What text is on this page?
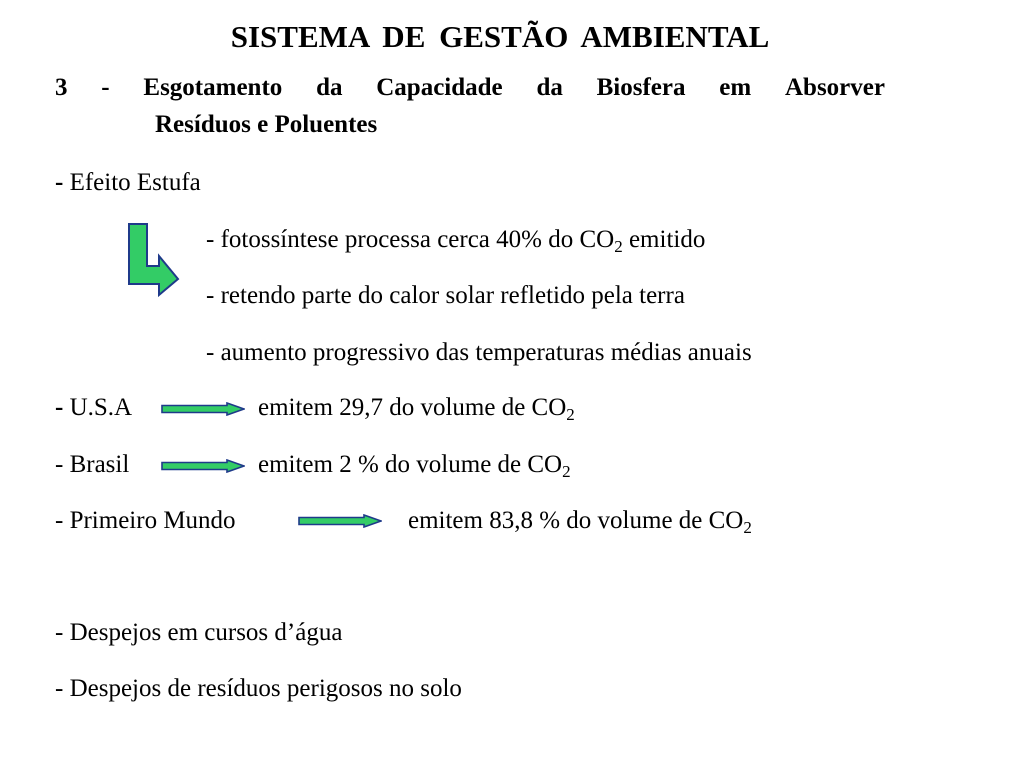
SISTEMA DE GESTÃO AMBIENTAL
3 - Esgotamento da Capacidade da Biosfera em Absorver
Resíduos e Poluentes
- Efeito Estufa
- fotossíntese processa cerca 40% do $CO_2$ emitido
- retendo parte do calor solar refletido pela terra
- aumento progressivo das temperaturas médias anuais
- U.S.A	emitem 29,7 do volume de $CO_2$
- Brasil	emitem 2 % do volume de $CO_2$
- Primeiro Mundo	emitem 83,8 % do volume de $CO_2$
- Despejos em cursos d’água
- Despejos de resíduos perigosos no solo
